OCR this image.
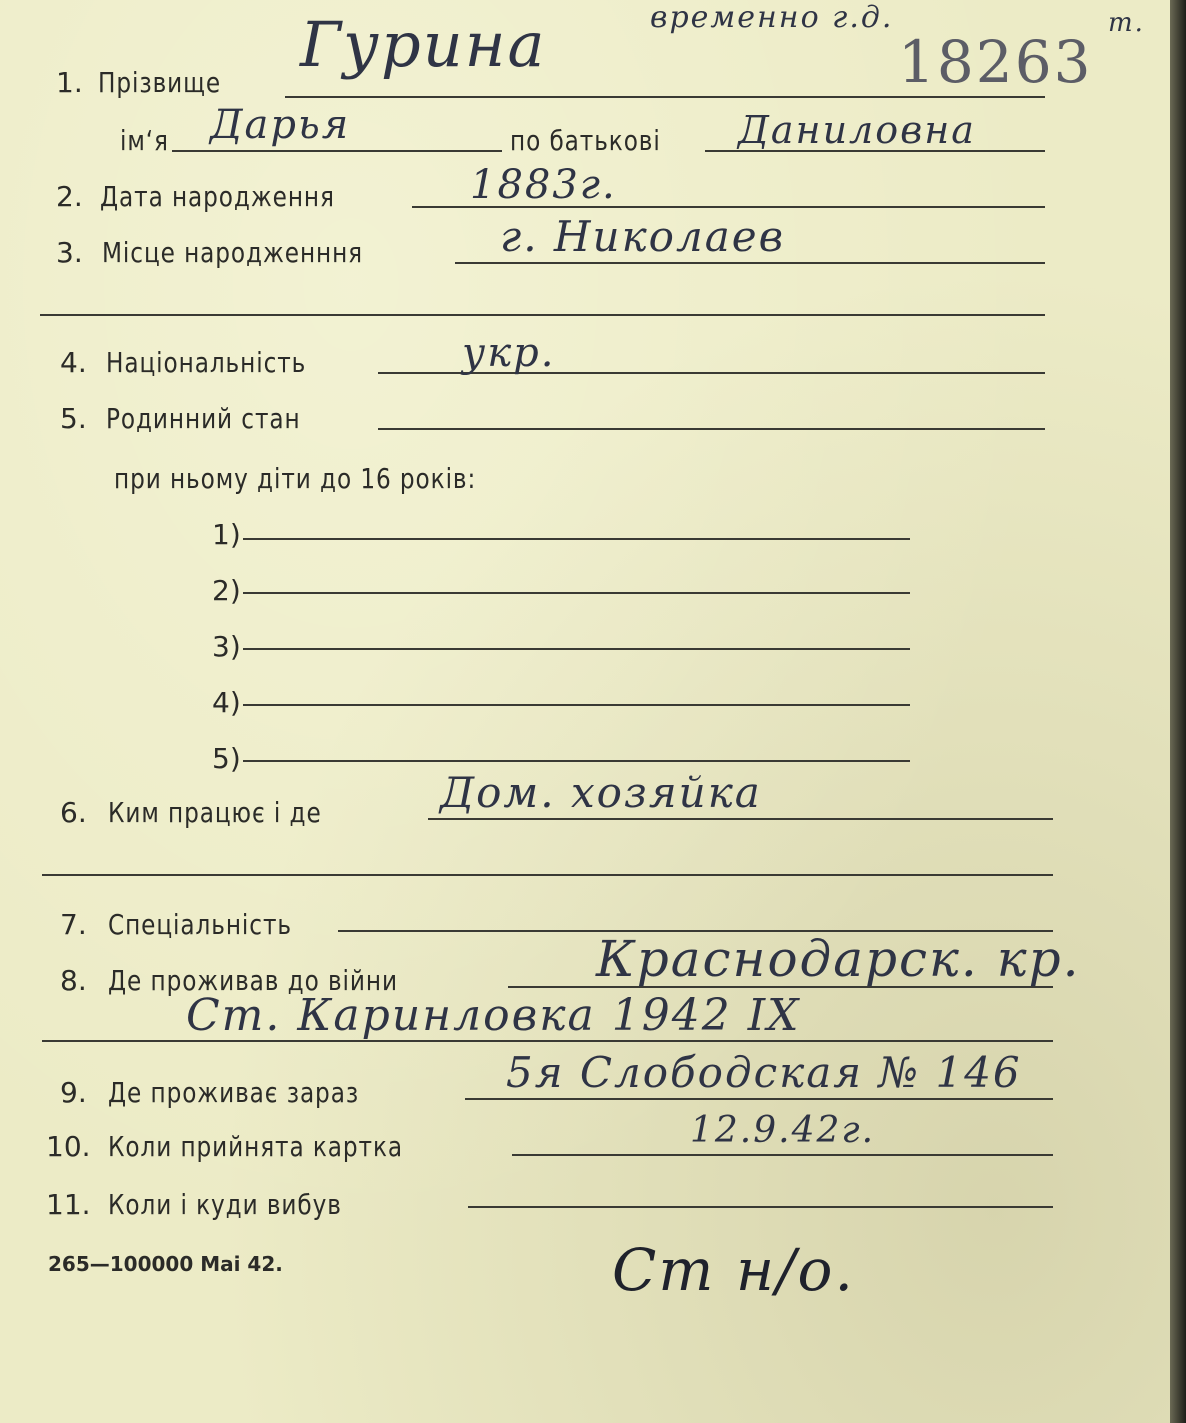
временно г.д.	т.
18263
1. Прізвище
Гурина
ім‘я Дарья	по батькові Даниловна
2. Дата народження	1883г.
3. Місце народженння	г. Николаев
4. Національність	укр.
5. Родинний стан
при ньому діти до 16 років:
1)
2)
3)
4)
5)
6. Ким працює і де	Дом. хозяйка
7. Спеціальність
8. Де проживав до війни	Краснодарск. кр.
Ст. Каринловка 1942 IX
9. Де проживає зараз	5я Слободская № 146
10. Коли прийнята картка	12.9.42г.
11. Коли і куди вибув
265—100000 Mai 42.	Ст н/о.
